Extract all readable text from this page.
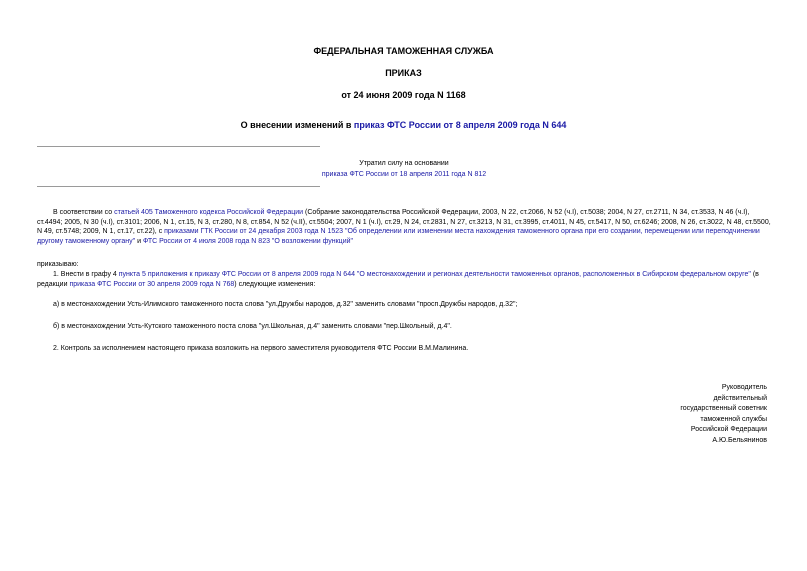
ФЕДЕРАЛЬНАЯ ТАМОЖЕННАЯ СЛУЖБА
ПРИКАЗ
от 24 июня 2009 года N 1168
О внесении изменений в приказ ФТС России от 8 апреля 2009 года N 644
Утратил силу на основании
приказа ФТС России от 18 апреля 2011 года N 812
В соответствии со статьей 405 Таможенного кодекса Российской Федерации (Собрание законодательства Российской Федерации, 2003, N 22, ст.2066, N 52 (ч.I), ст.5038; 2004, N 27, ст.2711, N 34, ст.3533, N 46 (ч.I), ст.4494; 2005, N 30 (ч.I), ст.3101; 2006, N 1, ст.15, N 3, ст.280, N 8, ст.854, N 52 (ч.II), ст.5504; 2007, N 1 (ч.I), ст.29, N 24, ст.2831, N 27, ст.3213, N 31, ст.3995, ст.4011, N 45, ст.5417, N 50, ст.6246; 2008, N 26, ст.3022, N 48, ст.5500, N 49, ст.5748; 2009, N 1, ст.17, ст.22), с приказами ГТК России от 24 декабря 2003 года N 1523 "Об определении или изменении места нахождения таможенного органа при его создании, перемещении или переподчинении другому таможенному органу" и ФТС России от 4 июля 2008 года N 823 "О возложении функций"
приказываю:
1. Внести в графу 4 пункта 5 приложения к приказу ФТС России от 8 апреля 2009 года N 644 "О местонахождении и регионах деятельности таможенных органов, расположенных в Сибирском федеральном округе" (в редакции приказа ФТС России от 30 апреля 2009 года N 768) следующие изменения:
а) в местонахождении Усть-Илимского таможенного поста слова "ул.Дружбы народов, д.32" заменить словами "просп.Дружбы народов, д.32";
б) в местонахождении Усть-Кутского таможенного поста слова "ул.Школьная, д.4" заменить словами "пер.Школьный, д.4".
2. Контроль за исполнением настоящего приказа возложить на первого заместителя руководителя ФТС России В.М.Малинина.
Руководитель
действительный
государственный советник
таможенной службы
Российской Федерации
А.Ю.Бельянинов
